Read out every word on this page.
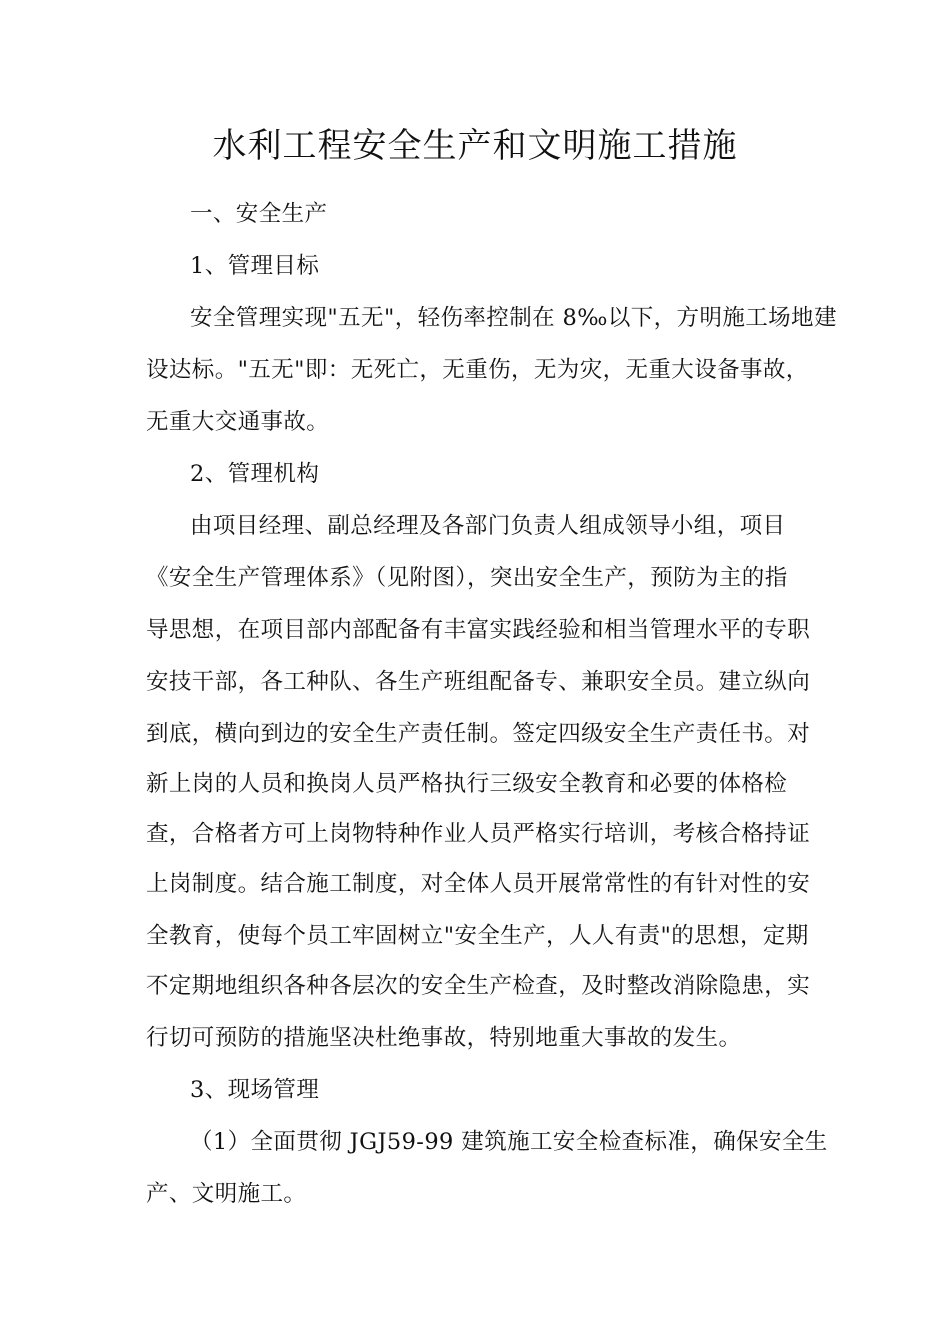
水利工程安全生产和文明施工措施
一、安全生产
1、管理目标
安全管理实现"五无"，轻伤率控制在 8‰以下，方明施工场地建
设达标。"五无"即：无死亡，无重伤，无为灾，无重大设备事故，
无重大交通事故。
2、管理机构
由项目经理、副总经理及各部门负责人组成领导小组，项目
《安全生产管理体系》（见附图），突出安全生产，预防为主的指
导思想，在项目部内部配备有丰富实践经验和相当管理水平的专职
安技干部，各工种队、各生产班组配备专、兼职安全员。建立纵向
到底，横向到边的安全生产责任制。签定四级安全生产责任书。对
新上岗的人员和换岗人员严格执行三级安全教育和必要的体格检
查，合格者方可上岗物特种作业人员严格实行培训，考核合格持证
上岗制度。结合施工制度，对全体人员开展常常性的有针对性的安
全教育，使每个员工牢固树立"安全生产，人人有责"的思想，定期
不定期地组织各种各层次的安全生产检查，及时整改消除隐患，实
行切可预防的措施坚决杜绝事故，特别地重大事故的发生。
3、现场管理
（1）全面贯彻 JGJ59-99 建筑施工安全检查标准，确保安全生
产、文明施工。
